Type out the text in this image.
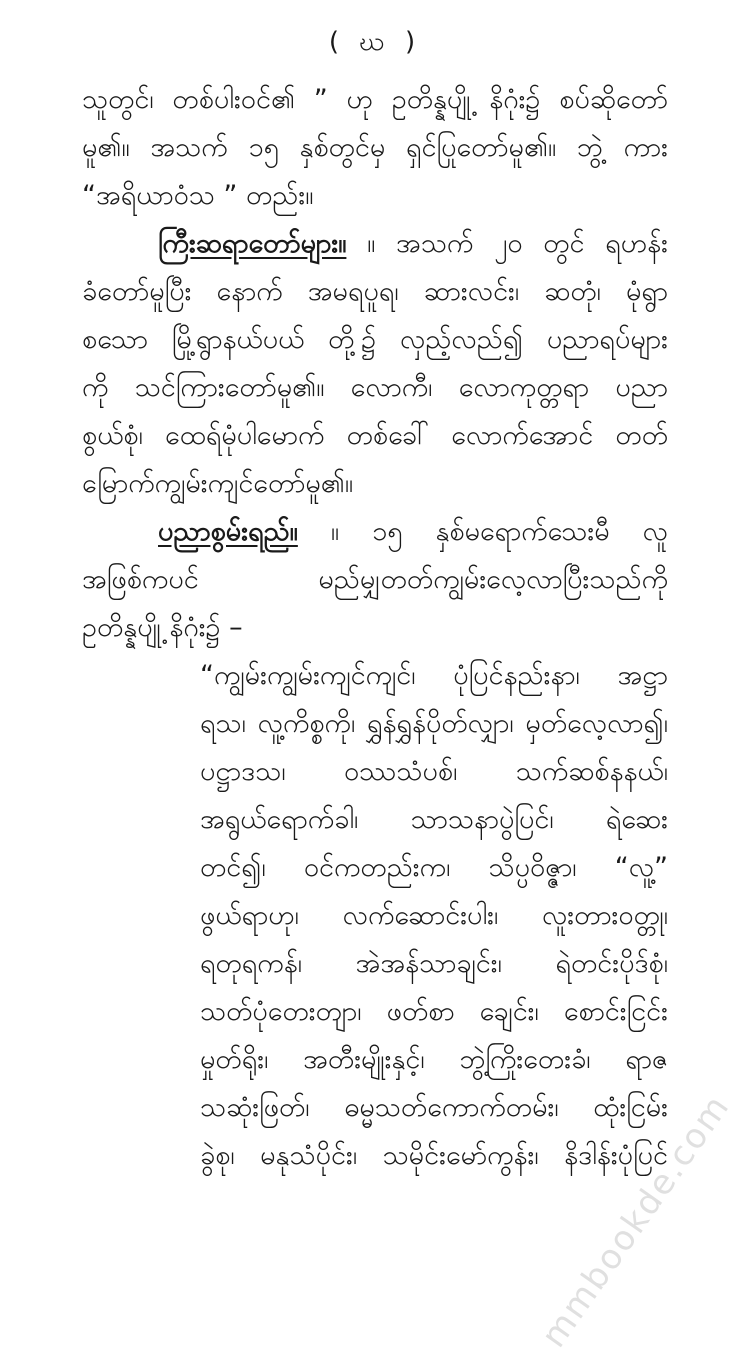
( ဃ )
သူတွင်၊ တစ်ပါးဝင်၏ ” ဟု ဥတိန္နပျို့ နိဂုံး၌ စပ်ဆိုတော်
မူ၏။ အသက် ၁၅ နှစ်တွင်မှ ရှင်ပြုတော်မူ၏။ ဘွဲ့ ကား
“အရိယာဝံသ ” တည်း။
ကြီးဆရာတော်များ။ ။ အသက် ၂၀ တွင် ရဟန်း
ခံတော်မူပြီး နောက် အမရပူရ၊ ဆားလင်း၊ ဆတုံ၊ မုံရွာ
စသော မြို့ရွာနယ်ပယ် တို့၌ လှည့်လည်၍ ပညာရပ်များ
ကို သင်ကြားတော်မူ၏။ လောကီ၊ လောကုတ္တရာ ပညာ
စွယ်စုံ၊ ထေရ်မုံပါမောက် တစ်ခေါ် လောက်အောင် တတ်
မြောက်ကျွမ်းကျင်တော်မူ၏။
ပညာစွမ်းရည်။ ။ ၁၅ နှစ်မရောက်သေးမီ လူ
အဖြစ်ကပင် မည်မျှတတ်ကျွမ်းလေ့လာပြီးသည်ကို
ဥတိန္နပျို့ နိဂုံး၌ –
“ကျွမ်းကျွမ်းကျင်ကျင်၊ ပုံပြင်နည်းနာ၊ အဋ္ဌာ
ရသ၊ လူ့ကိစ္စကို၊ ရွှန်ရွှန်ပိုတ်လျှာ၊ မှတ်လေ့လာ၍၊
ပဋ္ဌာဒသ၊ ဝဿသံပစ်၊ သက်ဆစ်နနယ်၊
အရွယ်ရောက်ခါ၊ သာသနာပွဲပြင်၊ ရဲဆေး
တင်၍၊ ဝင်ကတည်းက၊ သိပ္ပဝိဇ္ဇာ၊ “လူ့”
ဖွယ်ရာဟု၊ လက်ဆောင်းပါး၊ လူးတားဝတ္တု၊
ရတုရကန်၊ အဲအန်သာချင်း၊ ရဲတင်းပိုဒ်စုံ၊
သတ်ပုံတေးတျာ၊ ဖတ်စာ ချေင်း၊ စောင်းငြင်း
မှုတ်ရိုး၊ အတီးမျိုးနှင့်၊ ဘွဲ့ကြိုးတေးခံ၊ ရာဇ
သဆုံးဖြတ်၊ ဓမ္မသတ်ကောက်တမ်း၊ ထုံးငြမ်း
ခွဲစု၊ မနုသံပိုင်း၊ သမိုင်းမော်ကွန်း၊ နိဒါန်းပုံပြင်
mmbookde.com
